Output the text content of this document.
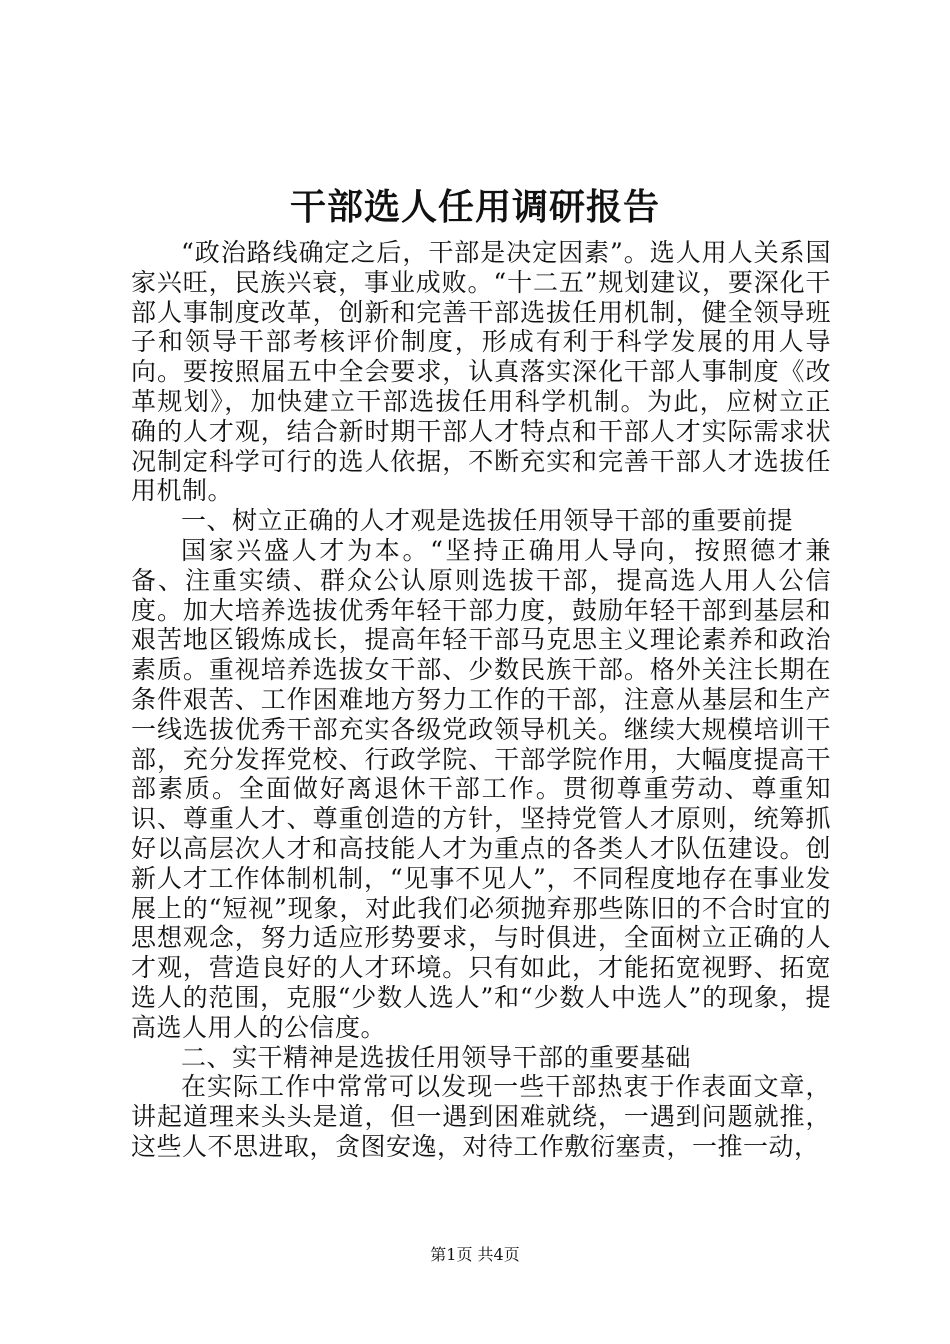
干部选人任用调研报告

“政治路线确定之后，干部是决定因素”。选人用人关系国家兴旺，民族兴衰，事业成败。“十二五”规划建议，要深化干部人事制度改革，创新和完善干部选拔任用机制，健全领导班子和领导干部考核评价制度，形成有利于科学发展的用人导向。要按照届五中全会要求，认真落实深化干部人事制度《改革规划》，加快建立干部选拔任用科学机制。为此，应树立正确的人才观，结合新时期干部人才特点和干部人才实际需求状况制定科学可行的选人依据，不断充实和完善干部人才选拔任用机制。

一、树立正确的人才观是选拔任用领导干部的重要前提

国家兴盛人才为本。“坚持正确用人导向，按照德才兼备、注重实绩、群众公认原则选拔干部，提高选人用人公信度。加大培养选拔优秀年轻干部力度，鼓励年轻干部到基层和艰苦地区锻炼成长，提高年轻干部马克思主义理论素养和政治素质。重视培养选拔女干部、少数民族干部。格外关注长期在条件艰苦、工作困难地方努力工作的干部，注意从基层和生产一线选拔优秀干部充实各级党政领导机关。继续大规模培训干部，充分发挥党校、行政学院、干部学院作用，大幅度提高干部素质。全面做好离退休干部工作。贯彻尊重劳动、尊重知识、尊重人才、尊重创造的方针，坚持党管人才原则，统筹抓好以高层次人才和高技能人才为重点的各类人才队伍建设。创新人才工作体制机制，“见事不见人”，不同程度地存在事业发展上的“短视”现象，对此我们必须抛弃那些陈旧的不合时宜的思想观念，努力适应形势要求，与时俱进，全面树立正确的人才观，营造良好的人才环境。只有如此，才能拓宽视野、拓宽选人的范围，克服“少数人选人”和“少数人中选人”的现象，提高选人用人的公信度。

二、实干精神是选拔任用领导干部的重要基础

在实际工作中常常可以发现一些干部热衷于作表面文章，讲起道理来头头是道，但一遇到困难就绕，一遇到问题就推，这些人不思进取，贪图安逸，对待工作敷衍塞责，一推一动，

第1页 共4页
